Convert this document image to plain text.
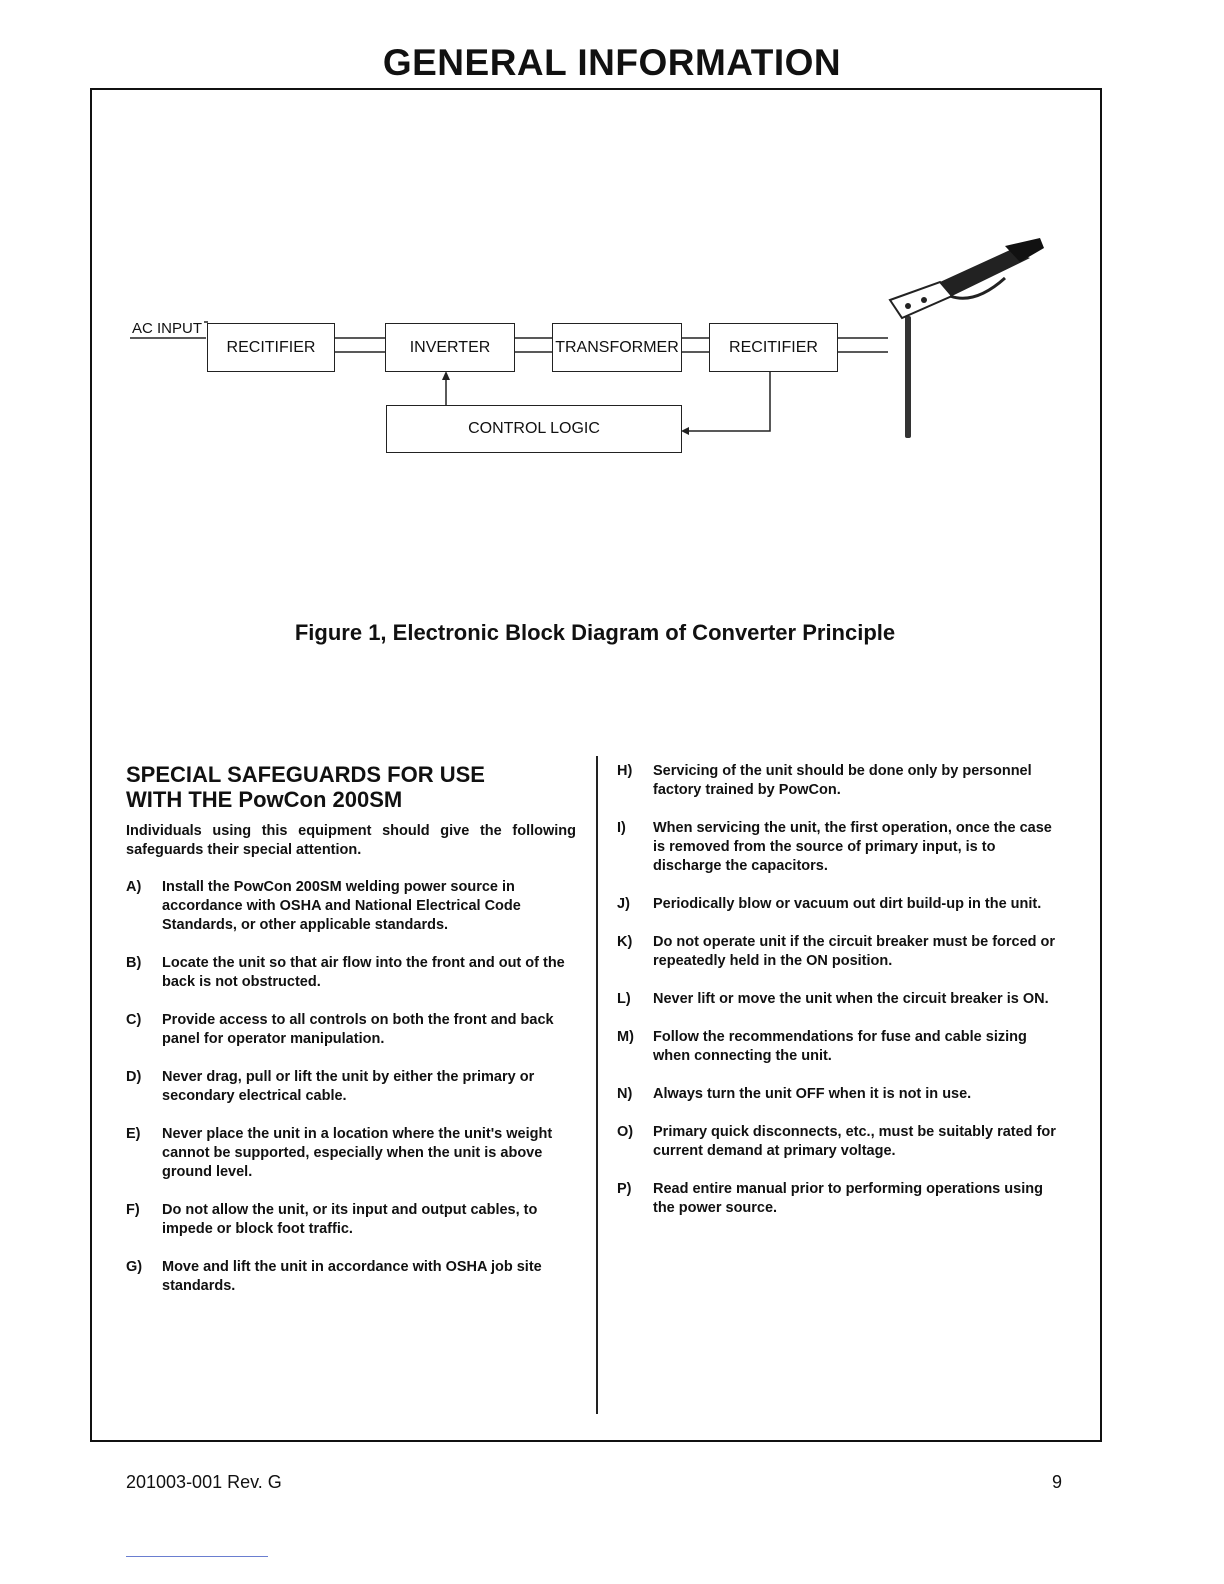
GENERAL INFORMATION
AC INPUT
RECITIFIER	INVERTER	TRANSFORMER	RECITIFIER
CONTROL LOGIC
Figure 1, Electronic Block Diagram of Converter Principle
SPECIAL SAFEGUARDS FOR USE
WITH THE PowCon 200SM
Individuals using this equipment should give the following safeguards their special attention.
A)	Install the PowCon 200SM welding power source in accordance with OSHA and National Electrical Code Standards, or other applicable standards.
B)	Locate the unit so that air flow into the front and out of the back is not obstructed.
C)	Provide access to all controls on both the front and back panel for operator manipulation.
D)	Never drag, pull or lift the unit by either the primary or secondary electrical cable.
E)	Never place the unit in a location where the unit's weight cannot be supported, especially when the unit is above ground level.
F)	Do not allow the unit, or its input and output cables, to impede or block foot traffic.
G)	Move and lift the unit in accordance with OSHA job site standards.
H)	Servicing of the unit should be done only by personnel factory trained by PowCon.
I)	When servicing the unit, the first operation, once the case is removed from the source of primary input, is to discharge the capacitors.
J)	Periodically blow or vacuum out dirt build-up in the unit.
K)	Do not operate unit if the circuit breaker must be forced or repeatedly held in the ON position.
L)	Never lift or move the unit when the circuit breaker is ON.
M)	Follow the recommendations for fuse and cable sizing when connecting the unit.
N)	Always turn the unit OFF when it is not in use.
O)	Primary quick disconnects, etc., must be suitably rated for current demand at primary voltage.
P)	Read entire manual prior to performing operations using the power source.
201003-001 Rev. G	9
